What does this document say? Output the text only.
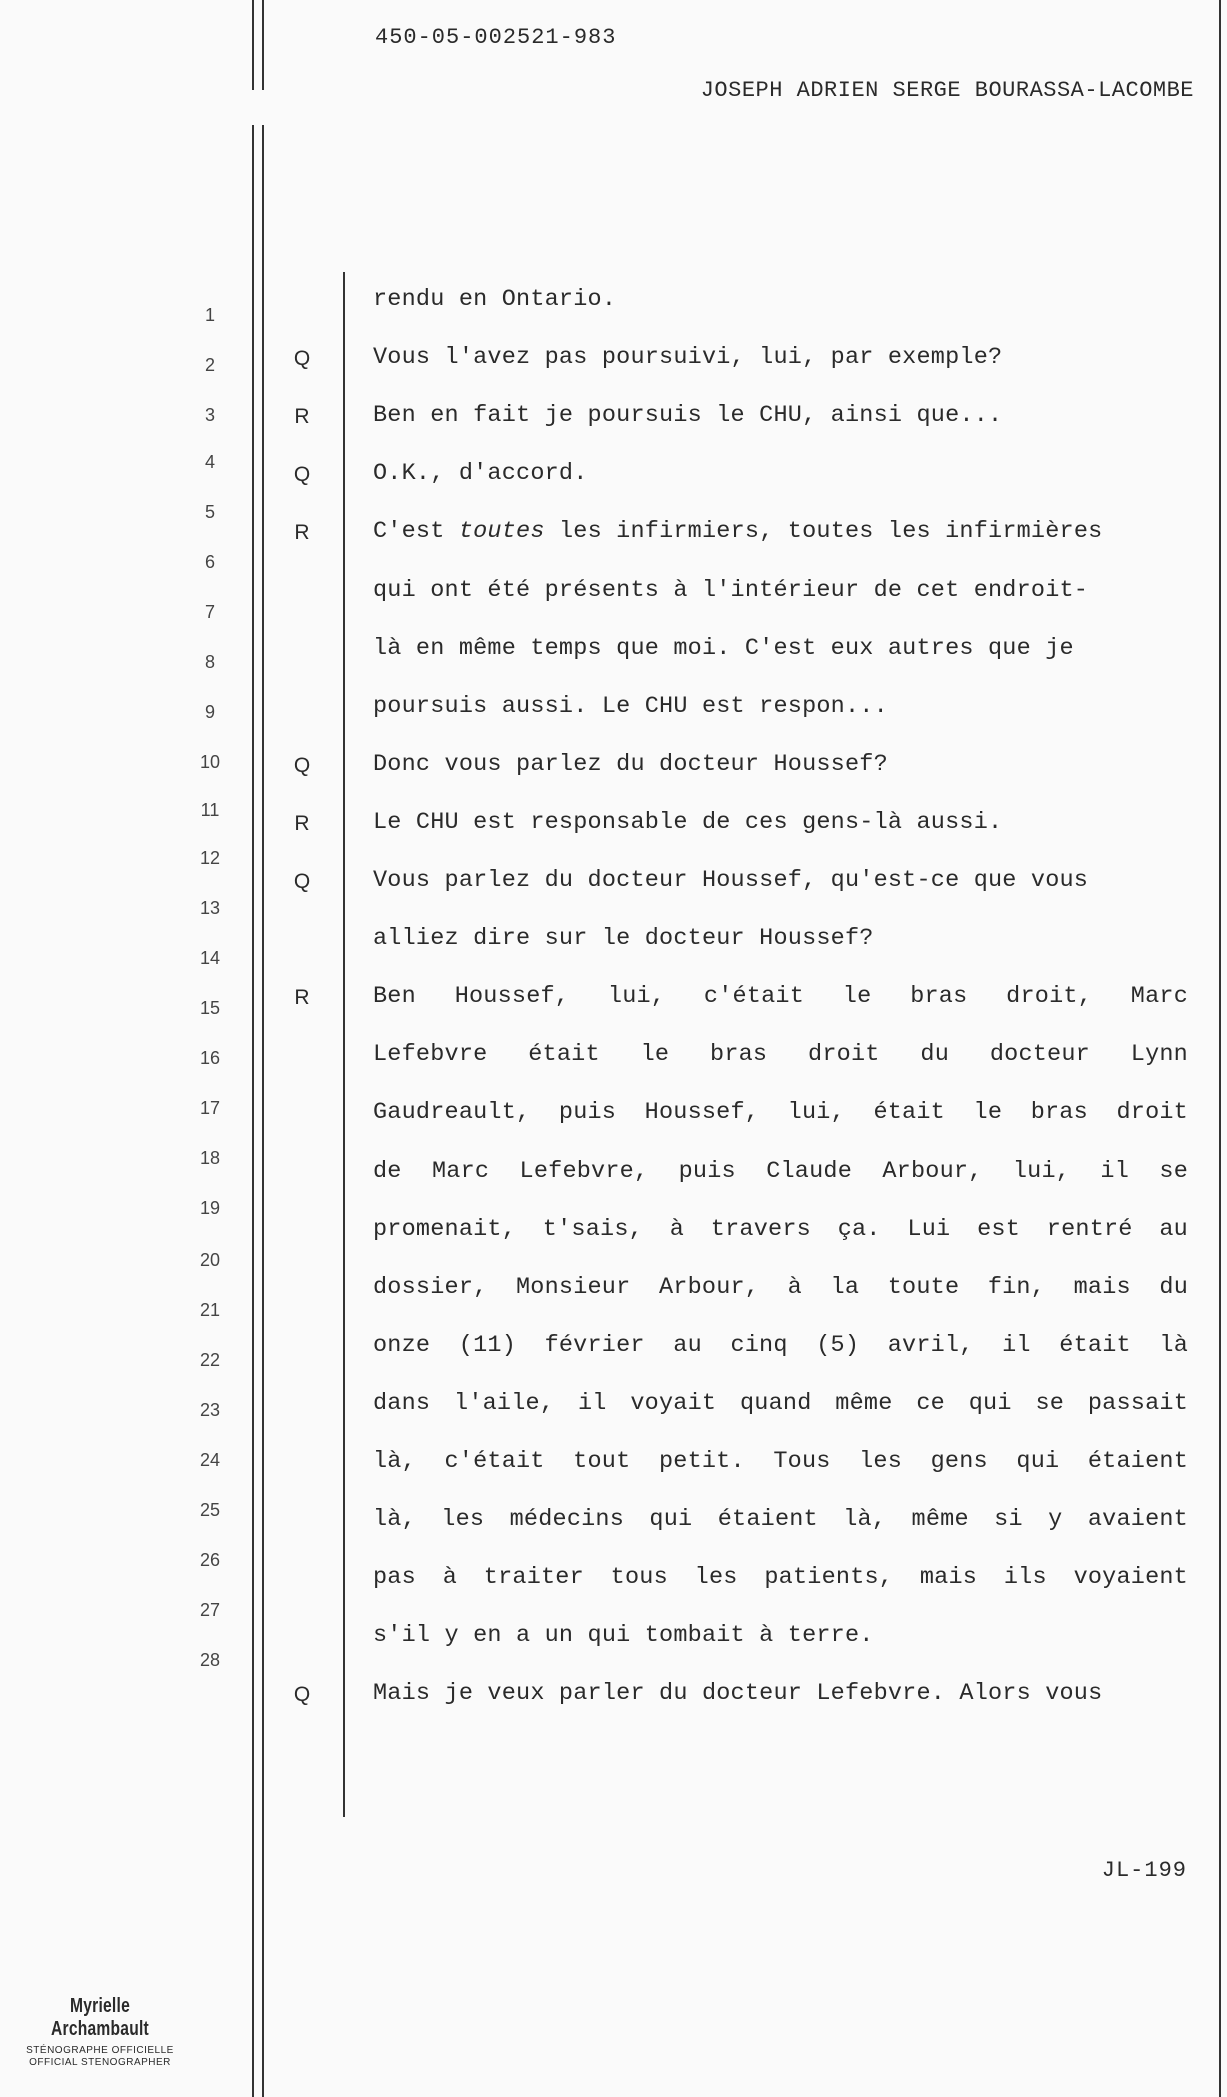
450-05-002521-983
JOSEPH ADRIEN SERGE BOURASSA-LACOMBE
1
2
3
4
5
6
7
8
9
10
11
12
13
14
15
16
17
18
19
20
21
22
23
24
25
26
27
28
rendu en Ontario.
Q	Vous l'avez pas poursuivi, lui, par exemple?
R	Ben en fait je poursuis le CHU, ainsi que...
Q	O.K., d'accord.
R	C'est toutes les infirmiers, toutes les infirmières
qui ont été présents à l'intérieur de cet endroit-
là en même temps que moi. C'est eux autres que je
poursuis aussi. Le CHU est respon...
Q	Donc vous parlez du docteur Houssef?
R	Le CHU est responsable de ces gens-là aussi.
Q	Vous parlez du docteur Houssef, qu'est-ce que vous
alliez dire sur le docteur Houssef?
R	Ben Houssef, lui, c'était le bras droit, Marc
Lefebvre était le bras droit du docteur Lynn
Gaudreault, puis Houssef, lui, était le bras droit
de Marc Lefebvre, puis Claude Arbour, lui, il se
promenait, t'sais, à travers ça. Lui est rentré au
dossier, Monsieur Arbour, à la toute fin, mais du
onze (11) février au cinq (5) avril, il était là
dans l'aile, il voyait quand même ce qui se passait
là, c'était tout petit. Tous les gens qui étaient
là, les médecins qui étaient là, même si y avaient
pas à traiter tous les patients, mais ils voyaient
s'il y en a un qui tombait à terre.
Q	Mais je veux parler du docteur Lefebvre. Alors vous
JL-199
Myrielle Archambault
STÉNOGRAPHE OFFICIELLE
OFFICIAL STENOGRAPHER
